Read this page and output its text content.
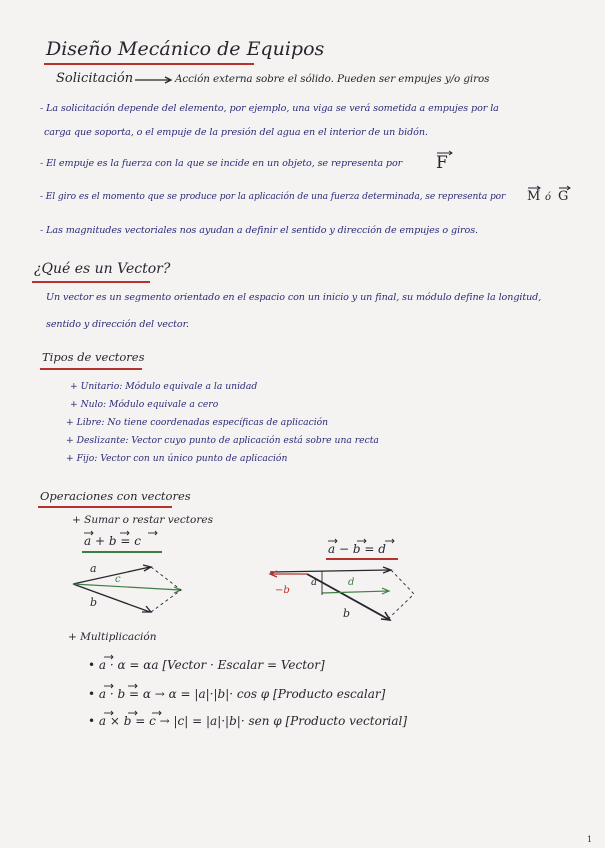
Diseño Mecánico de Equipos
Solicitación	Acción externa sobre el sólido. Pueden ser empujes y/o giros
- La solicitación depende del elemento, por ejemplo, una viga se verá sometida a empujes por la
carga que soporta, o el empuje de la presión del agua en el interior de un bidón.
- El empuje es la fuerza con la que se incide en un objeto, se representa por F
- El giro es el momento que se produce por la aplicación de una fuerza determinada, se representa por M ó G
- Las magnitudes vectoriales nos ayudan a definir el sentido y dirección de empujes o giros.
¿Qué es un Vector?
Un vector es un segmento orientado en el espacio con un inicio y un final, su módulo define la longitud,
sentido y dirección del vector.
Tipos de vectores
+ Unitario: Módulo equivale a la unidad
+ Nulo: Módulo equivale a cero
+ Libre: No tiene coordenadas específicas de aplicación
+ Deslizante: Vector cuyo punto de aplicación está sobre una recta
+ Fijo: Vector con un único punto de aplicación
Operaciones con vectores
+ Sumar o restar vectores
a + b = c
a − b = d
a
c
b
a	d
−b
b
+ Multiplicación
• a · α = αa [Vector · Escalar = Vector]
• a · b = α → α = |a|·|b|· cos φ [Producto escalar]
• a × b = c → |c| = |a|·|b|· sen φ [Producto vectorial]
1
